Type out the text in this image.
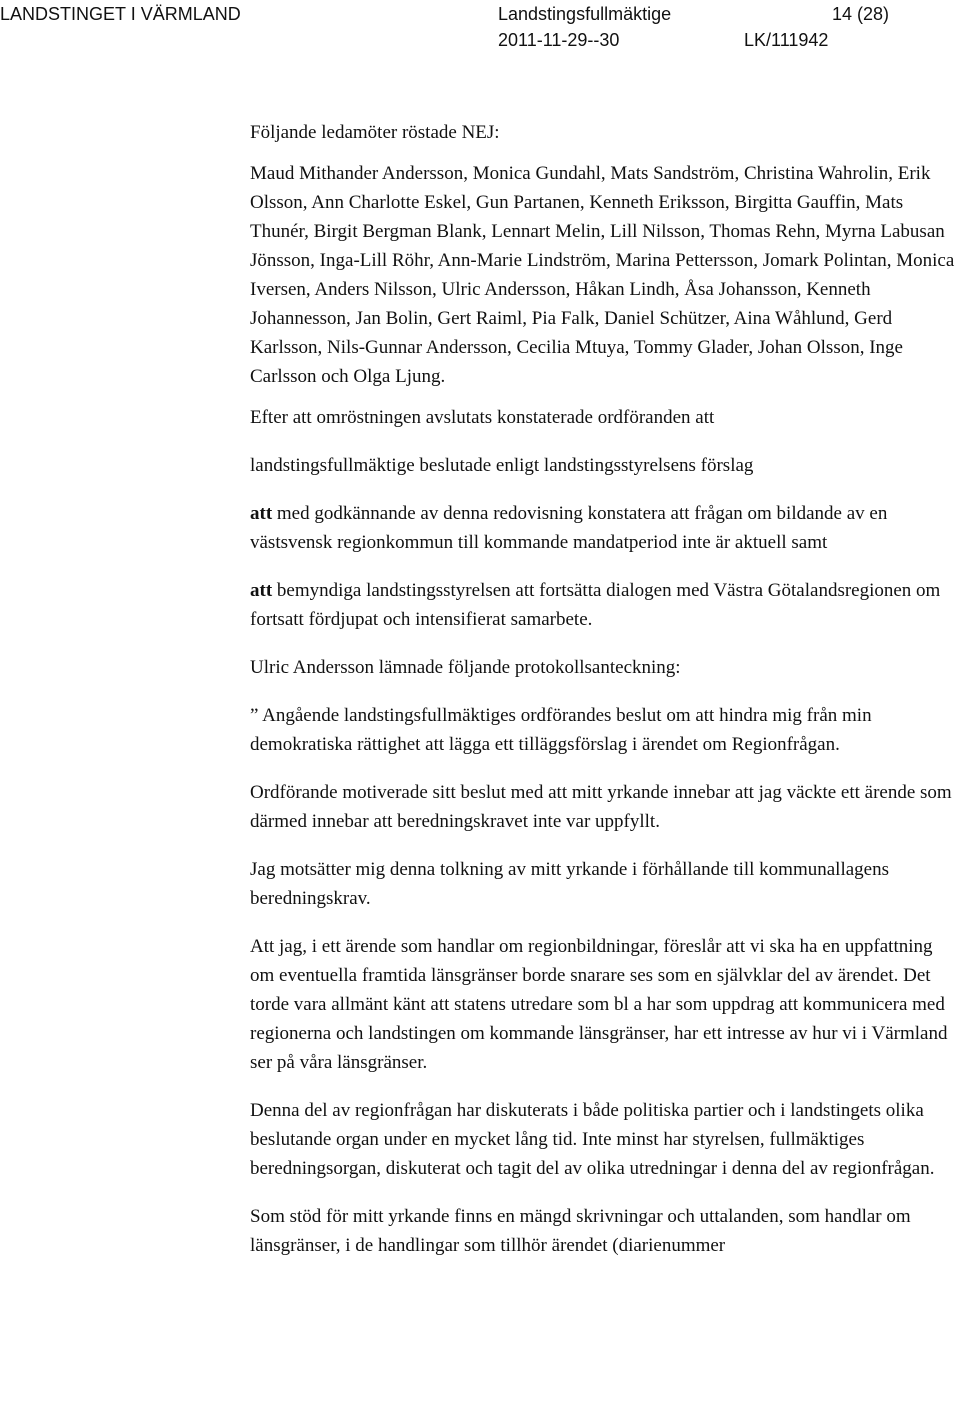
LANDSTINGET I VÄRMLAND	Landstingsfullmäktige	14 (28)
2011-11-29--30	LK/111942

Följande ledamöter röstade NEJ:

Maud Mithander Andersson, Monica Gundahl, Mats Sandström, Christina Wahrolin, Erik Olsson, Ann Charlotte Eskel, Gun Partanen, Kenneth Eriksson, Birgitta Gauffin, Mats Thunér, Birgit Bergman Blank, Lennart Melin, Lill Nilsson, Thomas Rehn, Myrna Labusan Jönsson, Inga-Lill Röhr, Ann-Marie Lindström, Marina Pettersson, Jomark Polintan, Monica Iversen, Anders Nilsson, Ulric Andersson, Håkan Lindh, Åsa Johansson, Kenneth Johannesson, Jan Bolin, Gert Raiml, Pia Falk, Daniel Schützer, Aina Wåhlund, Gerd Karlsson, Nils-Gunnar Andersson, Cecilia Mtuya, Tommy Glader, Johan Olsson, Inge Carlsson och Olga Ljung.

Efter att omröstningen avslutats konstaterade ordföranden att

landstingsfullmäktige beslutade enligt landstingsstyrelsens förslag

att med godkännande av denna redovisning konstatera att frågan om bildande av en västsvensk regionkommun till kommande mandatperiod inte är aktuell samt

att bemyndiga landstingsstyrelsen att fortsätta dialogen med Västra Götalandsregionen om fortsatt fördjupat och intensifierat samarbete.

Ulric Andersson lämnade följande protokollsanteckning:

” Angående landstingsfullmäktiges ordförandes beslut om att hindra mig från min demokratiska rättighet att lägga ett tilläggsförslag i ärendet om Regionfrågan.

Ordförande motiverade sitt beslut med att mitt yrkande innebar att jag väckte ett ärende som därmed innebar att beredningskravet inte var uppfyllt.

Jag motsätter mig denna tolkning av mitt yrkande i förhållande till kommunallagens beredningskrav.

Att jag, i ett ärende som handlar om regionbildningar, föreslår att vi ska ha en uppfattning om eventuella framtida länsgränser borde snarare ses som en självklar del av ärendet. Det torde vara allmänt känt att statens utredare som bl a har som uppdrag att kommunicera med regionerna och landstingen om kommande länsgränser, har ett intresse av hur vi i Värmland ser på våra länsgränser.

Denna del av regionfrågan har diskuterats i både politiska partier och i landstingets olika beslutande organ under en mycket lång tid. Inte minst har styrelsen, fullmäktiges beredningsorgan, diskuterat och tagit del av olika utredningar i denna del av regionfrågan.

Som stöd för mitt yrkande finns en mängd skrivningar och uttalanden, som handlar om länsgränser, i de handlingar som tillhör ärendet (diarienummer
